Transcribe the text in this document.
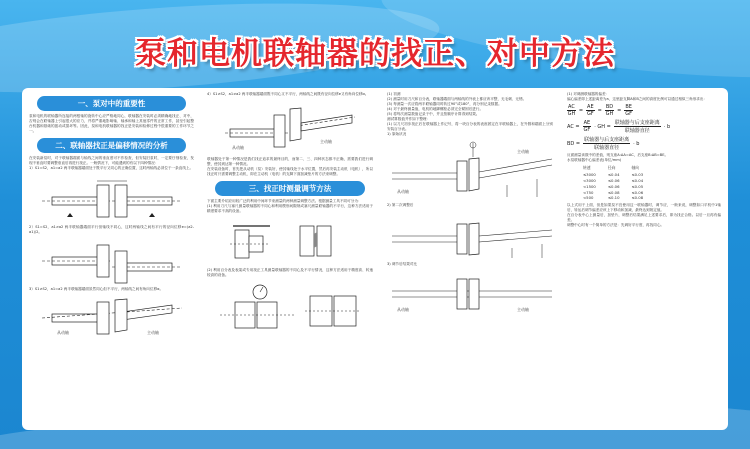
泵和电机联轴器的找正、对中方法
一、泵对中的重要性

泵和电机的联轴器所连接的两根轴的旋转中心应严格地同心，联轴器在安装时必须精确地找正、对中，否则会在联轴器上引起很大的应力，并将严重地影响轴、轴承和轴上其他零件的正常工作，甚至引起整台机器和基础的振动或损坏等。因此，泵和电机联轴器的找正是安装和检修过程中很重要的工作环节之一。

二、联轴器找正是偏移情况的分析

在安装新泵时，对于联轴器端面与轴线之间的垂直度可不作检查，但安装旧泵时，一定要仔细检查，发现不垂直时要调整垂直后再进行找正。一般情况下，可能遇到的有以下四种情况：

1）S1=S2，a1=a2 两半联轴器端面处于既平行又同心的正确位置，这时两轴线必须位于一条直线上。

2）S1=S2，a1≠a2 两半联轴器端面平行但轴线不同心，这时两轴线之间有平行的径向位移e=(a2-a1)/2。

3）S1≠S2，a1=a2 两半联轴器端面虽然同心但不平行，两轴线之间有角向位移α。

从动轴	主动轴

4）S1≠S2，a1≠a2 两半联轴器端面既不同心又不平行，两轴线之间既有径向位移e又有角向位移α。

从动轴
主动轴

联轴器处于第一种情况是我们找正追求的最终目的，而第二、三、四种状态都不正确，需要我们进行调整，使其到达第一种情况。

在安装设备时，首先把从动机（泵）安装好，使其轴线处于水平位置，然后再安装主动机（电机），所以找正时只需要调整主动机，即在主动机（电机）的支脚下面加减垫片的方法来调整。

三、找正时测量调节方法

下面主要介绍应用较广泛的利用中间环节来测量的两种测量调整方法。根据测量工具不同可分为：

(1) 利用刀尺与塞尺测量联轴器的不同心和利用楔形间隙规或塞尺测量联轴器的不平行，这种方法适用于精度要求不高的设备。

(2) 利用百分表及表架或专用找正工具测量联轴器的不同心及不平行情况，这种方法适用于精度高、转速较高的设备。

(1) 初测

(2) 测量时用刀尺和百分表，联轴器端面与两轴线的外表上都应该平整，无毛刺、无锈。

(3) 每测量一次应将两半联轴器同时转过90°或180°，再分别记录数据。

(4) 对于最终测量值，电机的地脚螺栓必须完全紧固后进行。

(5) 将每次测量数值记录于中，并且按顺序计算得到结果。

测试算数值并作如下整理：

(1) 以刀尺初步找正后在联轴器上作记号，将一块百分表的表座固定在半联轴器上，在外圆和端面上分别安装百分表。

1) 原始状况

从动轴
主动轴

2) 第二次调整后

3) 调节后结果对比

从动轴	主动轴

(1) 对调测联轴器的偏差：

偏心偏差即上述距离差为a，这里距支脚A和B之间的高度比例可以通过相似三角形求出：

AC
GH
=
AE
GF
=
BD
GH
=
BE
GF
AC =
AE
GF
· GH =
联轴器与后支座距离
联轴器直径
· b
BD =
联轴器与后支座距离
联轴器直径
· b

反面测量读数中的差值，则支座A:ΔA=AC，后支座B:ΔB=BE。

水泵联轴器中心偏差表(单位/mm)

转速	径向	轴向
≤3000	≤0.04	≤0.03
<3000	≤0.06	≤0.04
<1500	≤0.06	≤0.05
<750	≤0.08	≤0.06
<500	≤0.10	≤0.08

以上式用于上面，但是如果泵不宜使用这一联轴器时，调节应，一般来说，调整如口平机中1轴后，转运后调节偏差应该上下移动和加减，最终达到规定值。

在百分表中心上测量后，加垫片，调整后结果满足上述要求后，即为找正合格。以后一旦再有偏差。

调整中心时有一个简单的方法是：先调好平行度，再找同心。
